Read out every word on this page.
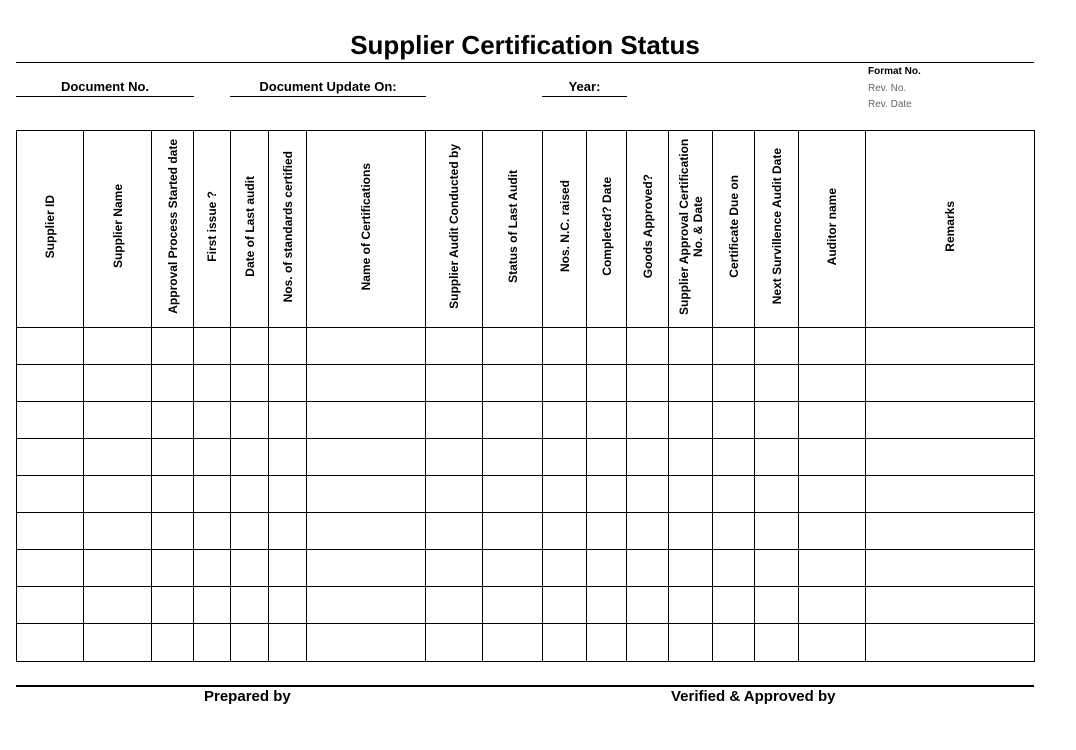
Supplier Certification Status
Document No.	Document Update On:	Year:
Format No.
Rev. No.
Rev. Date
Supplier ID	Supplier Name	Approval Process Started date	First issue ?	Date of Last audit	Nos. of standards certified	Name of Certifications	Supplier Audit Conducted by	Status of Last Audit	Nos. N.C. raised	Completed? Date	Goods Approved?	Supplier Approval Certification No. & Date	Certificate Due on	Next Survillence Audit Date	Auditor name	Remarks

Prepared by	Verified & Approved by
